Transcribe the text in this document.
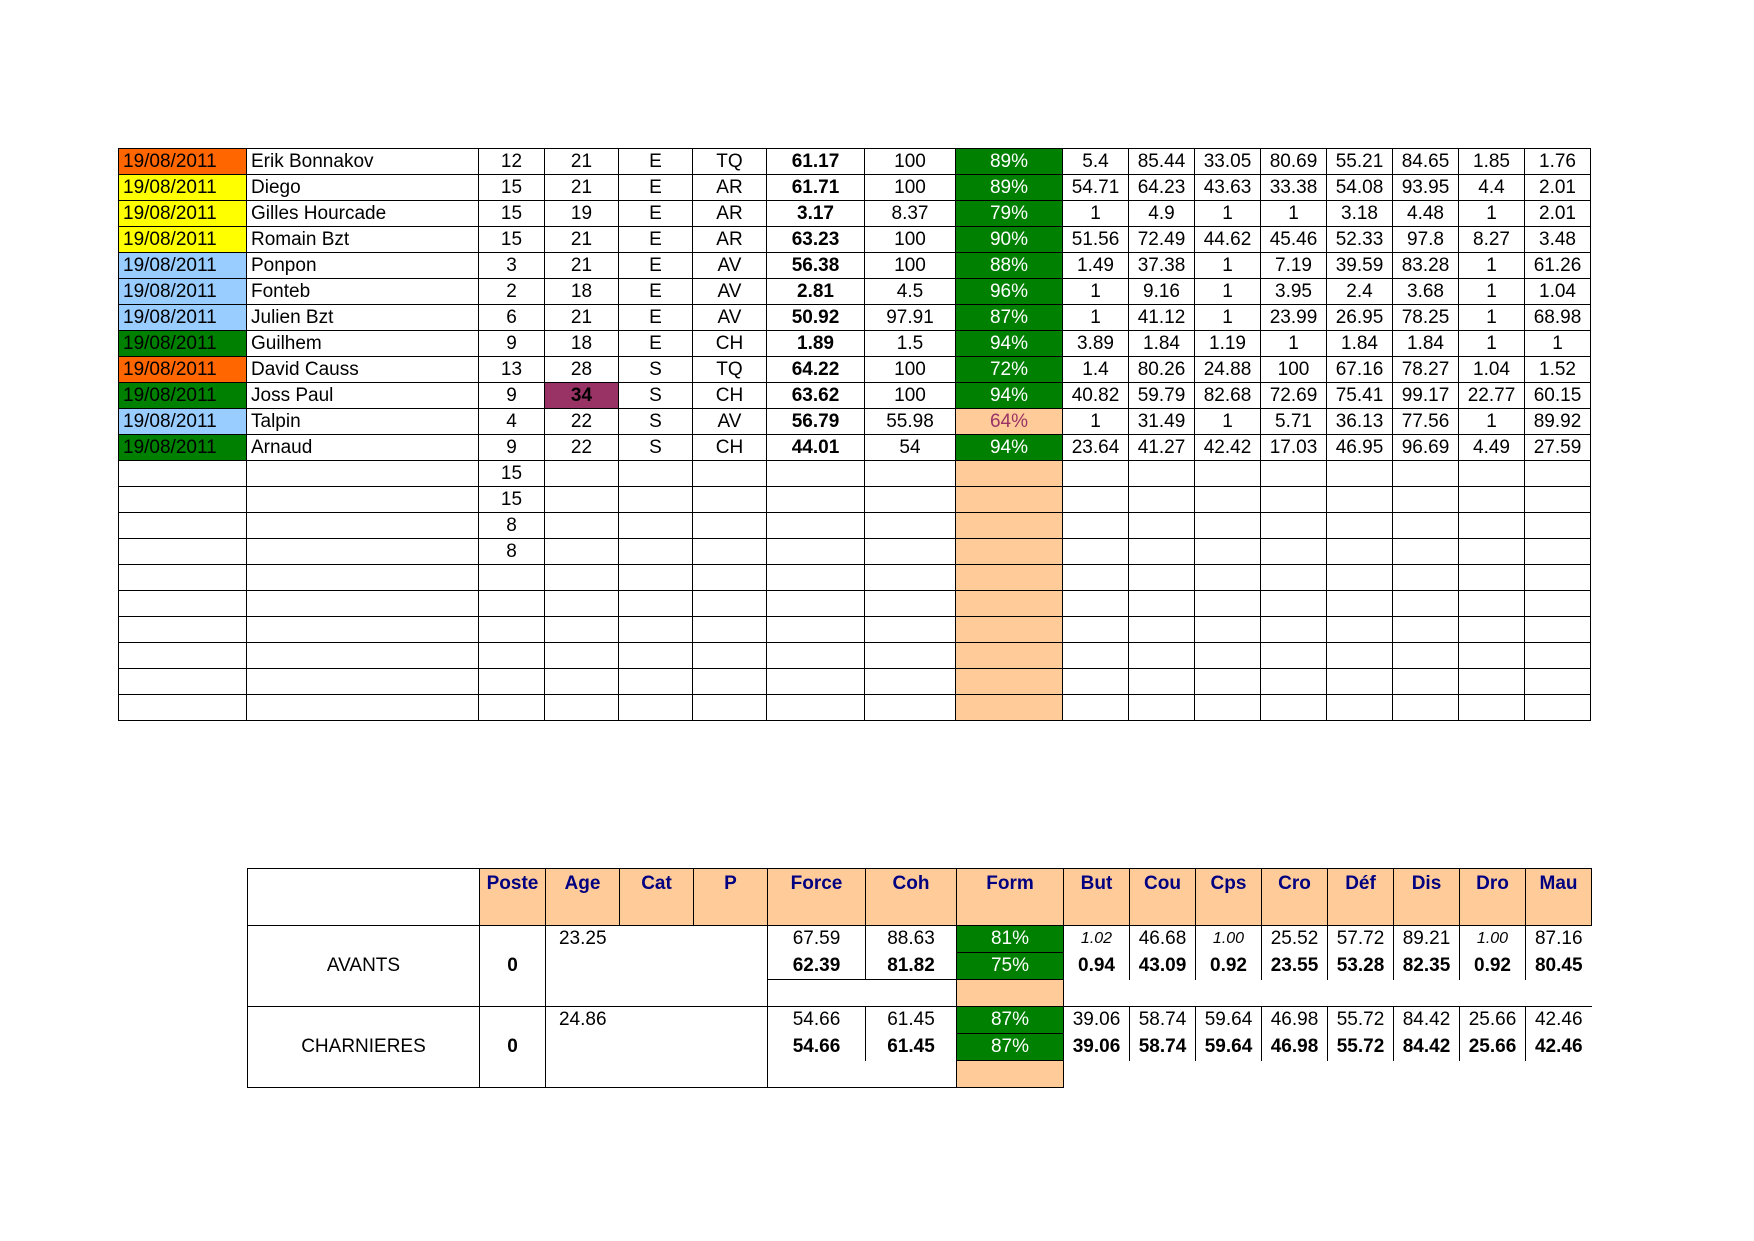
19/08/2011	Erik Bonnakov	12	21	E	TQ	61.17	100	89%	5.4	85.44	33.05	80.69	55.21	84.65	1.85	1.76
19/08/2011	Diego	15	21	E	AR	61.71	100	89%	54.71	64.23	43.63	33.38	54.08	93.95	4.4	2.01
19/08/2011	Gilles Hourcade	15	19	E	AR	3.17	8.37	79%	1	4.9	1	1	3.18	4.48	1	2.01
19/08/2011	Romain Bzt	15	21	E	AR	63.23	100	90%	51.56	72.49	44.62	45.46	52.33	97.8	8.27	3.48
19/08/2011	Ponpon	3	21	E	AV	56.38	100	88%	1.49	37.38	1	7.19	39.59	83.28	1	61.26
19/08/2011	Fonteb	2	18	E	AV	2.81	4.5	96%	1	9.16	1	3.95	2.4	3.68	1	1.04
19/08/2011	Julien Bzt	6	21	E	AV	50.92	97.91	87%	1	41.12	1	23.99	26.95	78.25	1	68.98
19/08/2011	Guilhem	9	18	E	CH	1.89	1.5	94%	3.89	1.84	1.19	1	1.84	1.84	1	1
19/08/2011	David Causs	13	28	S	TQ	64.22	100	72%	1.4	80.26	24.88	100	67.16	78.27	1.04	1.52
19/08/2011	Joss Paul	9	34	S	CH	63.62	100	94%	40.82	59.79	82.68	72.69	75.41	99.17	22.77	60.15
19/08/2011	Talpin	4	22	S	AV	56.79	55.98	64%	1	31.49	1	5.71	36.13	77.56	1	89.92
19/08/2011	Arnaud	9	22	S	CH	44.01	54	94%	23.64	41.27	42.42	17.03	46.95	96.69	4.49	27.59
		15														
		15														
		8														
		8														

	Poste	Age	Cat	P	Force	Coh	Form	But	Cou	Cps	Cro	Déf	Dis	Dro	Mau
AVANTS	0	23.25			67.59	88.63	81%	1.02	46.68	1.00	25.52	57.72	89.21	1.00	87.16
					62.39	81.82	75%	0.94	43.09	0.92	23.55	53.28	82.35	0.92	80.45

CHARNIERES	0	24.86			54.66	61.45	87%	39.06	58.74	59.64	46.98	55.72	84.42	25.66	42.46
					54.66	61.45	87%	39.06	58.74	59.64	46.98	55.72	84.42	25.66	42.46
